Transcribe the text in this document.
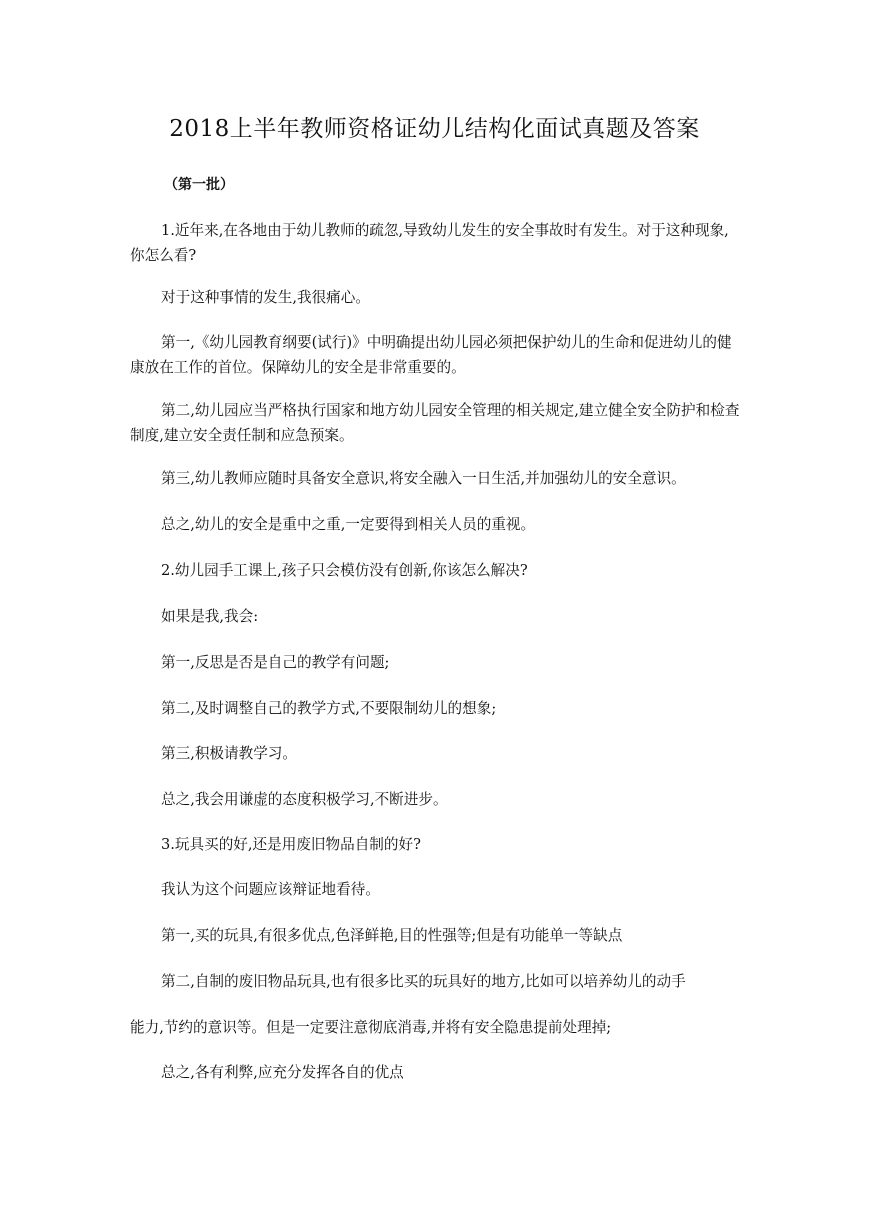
2018上半年教师资格证幼儿结构化面试真题及答案
（第一批）
1.近年来,在各地由于幼儿教师的疏忽,导致幼儿发生的安全事故时有发生。对于这种现象,你怎么看?
对于这种事情的发生,我很痛心。
第一,《幼儿园教育纲要(试行)》中明确提出幼儿园必须把保护幼儿的生命和促进幼儿的健康放在工作的首位。保障幼儿的安全是非常重要的。
第二,幼儿园应当严格执行国家和地方幼儿园安全管理的相关规定,建立健全安全防护和检查制度,建立安全责任制和应急预案。
第三,幼儿教师应随时具备安全意识,将安全融入一日生活,并加强幼儿的安全意识。
总之,幼儿的安全是重中之重,一定要得到相关人员的重视。
2.幼儿园手工课上,孩子只会模仿没有创新,你该怎么解决?
如果是我,我会:
第一,反思是否是自己的教学有问题;
第二,及时调整自己的教学方式,不要限制幼儿的想象;
第三,积极请教学习。
总之,我会用谦虚的态度积极学习,不断进步。
3.玩具买的好,还是用废旧物品自制的好?
我认为这个问题应该辩证地看待。
第一,买的玩具,有很多优点,色泽鲜艳,目的性强等;但是有功能单一等缺点
第二,自制的废旧物品玩具,也有很多比买的玩具好的地方,比如可以培养幼儿的动手
能力,节约的意识等。但是一定要注意彻底消毒,并将有安全隐患提前处理掉;
总之,各有利弊,应充分发挥各自的优点
